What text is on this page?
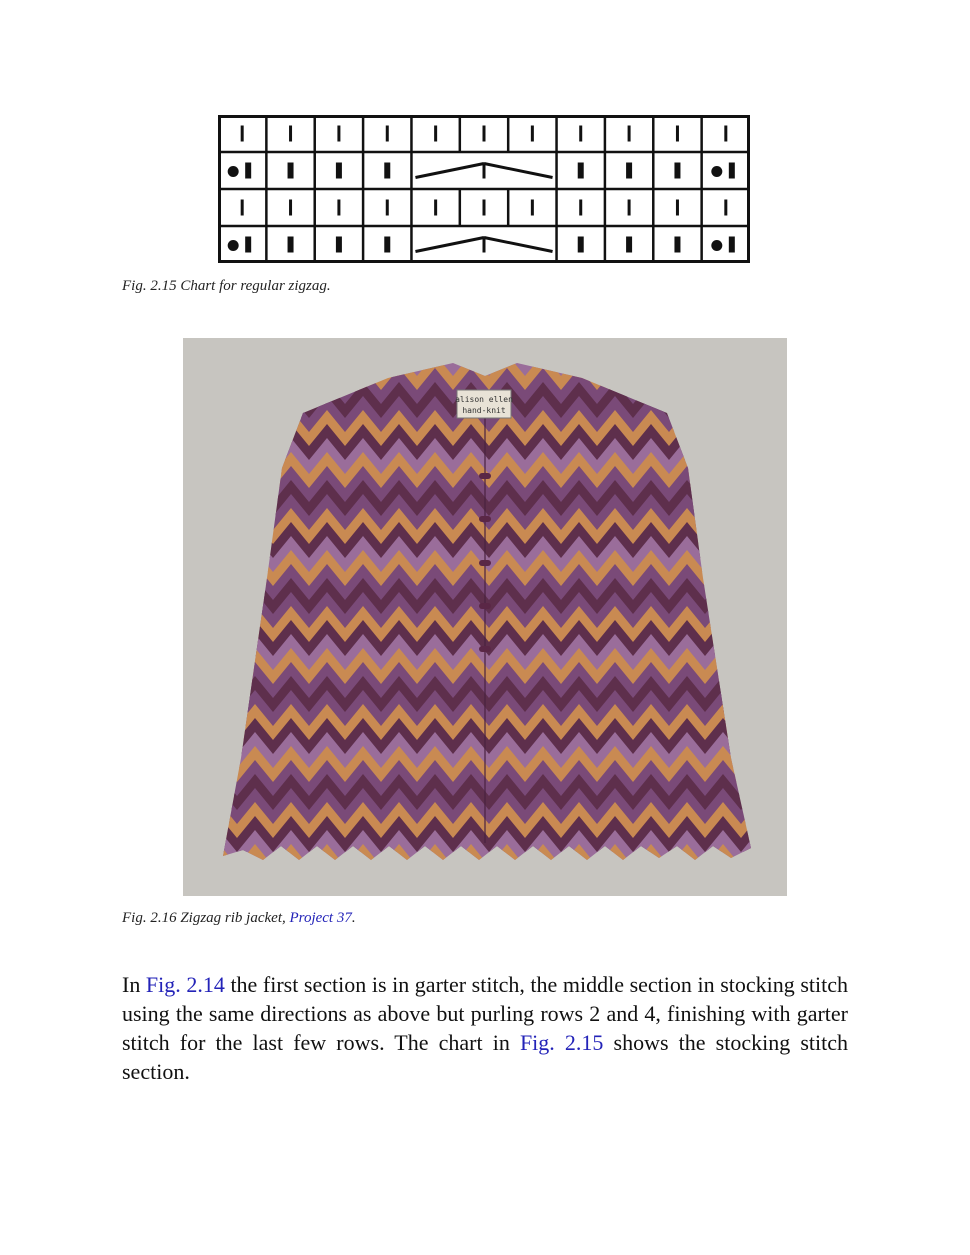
Fig. 2.15 Chart for regular zigzag.
alison ellen
hand-knit
Fig. 2.16 Zigzag rib jacket, Project 37.

In Fig. 2.14 the first section is in garter stitch, the middle section in stocking stitch using the same directions as above but purling rows 2 and 4, finishing with garter stitch for the last few rows. The chart in Fig. 2.15 shows the stocking stitch section.
